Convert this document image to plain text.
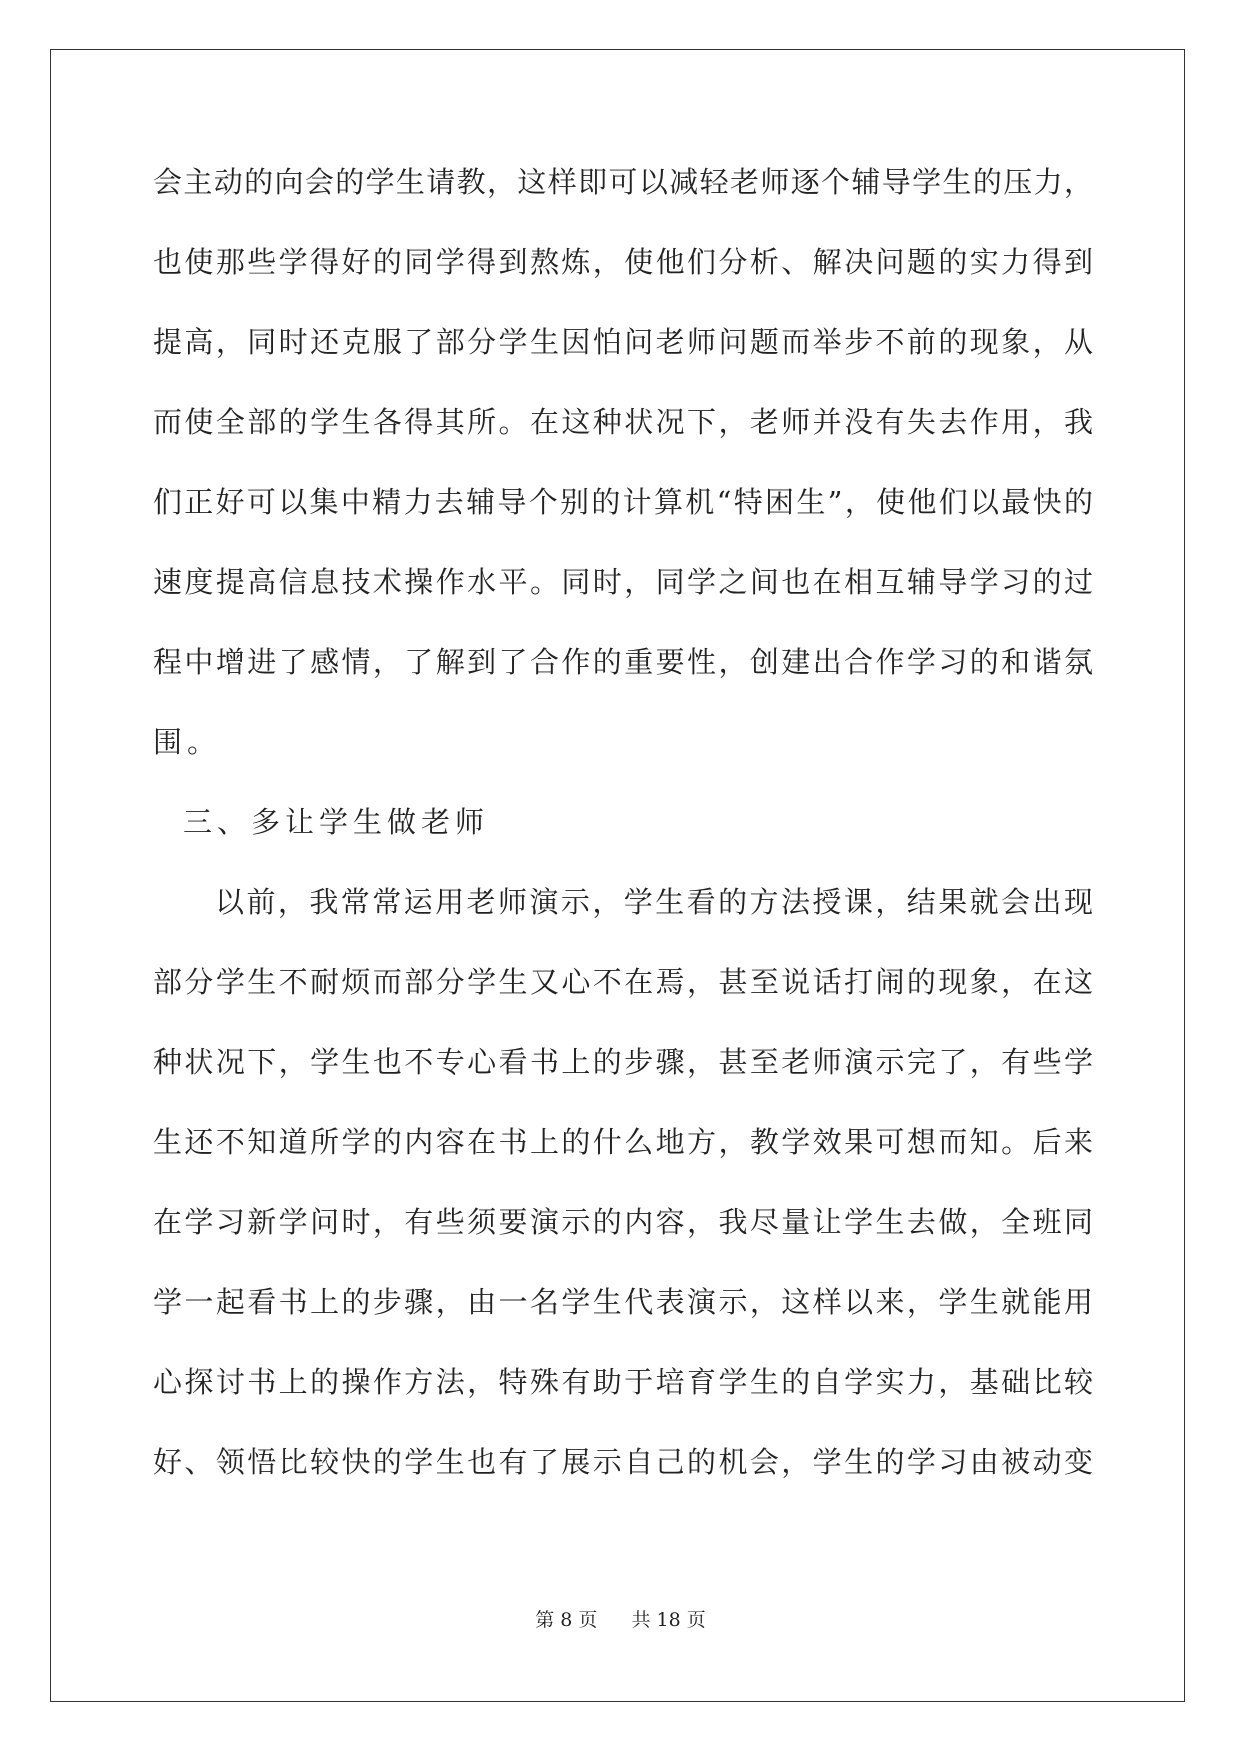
会主动的向会的学生请教，这样即可以减轻老师逐个辅导学生的压力，
也使那些学得好的同学得到熬炼，使他们分析、解决问题的实力得到
提高，同时还克服了部分学生因怕问老师问题而举步不前的现象，从
而使全部的学生各得其所。在这种状况下，老师并没有失去作用，我
们正好可以集中精力去辅导个别的计算机“特困生”，使他们以最快的
速度提高信息技术操作水平。同时，同学之间也在相互辅导学习的过
程中增进了感情，了解到了合作的重要性，创建出合作学习的和谐氛
围。
三、多让学生做老师
以前，我常常运用老师演示，学生看的方法授课，结果就会出现
部分学生不耐烦而部分学生又心不在焉，甚至说话打闹的现象，在这
种状况下，学生也不专心看书上的步骤，甚至老师演示完了，有些学
生还不知道所学的内容在书上的什么地方，教学效果可想而知。后来
在学习新学问时，有些须要演示的内容，我尽量让学生去做，全班同
学一起看书上的步骤，由一名学生代表演示，这样以来，学生就能用
心探讨书上的操作方法，特殊有助于培育学生的自学实力，基础比较
好、领悟比较快的学生也有了展示自己的机会，学生的学习由被动变
第 8 页 共 18 页
